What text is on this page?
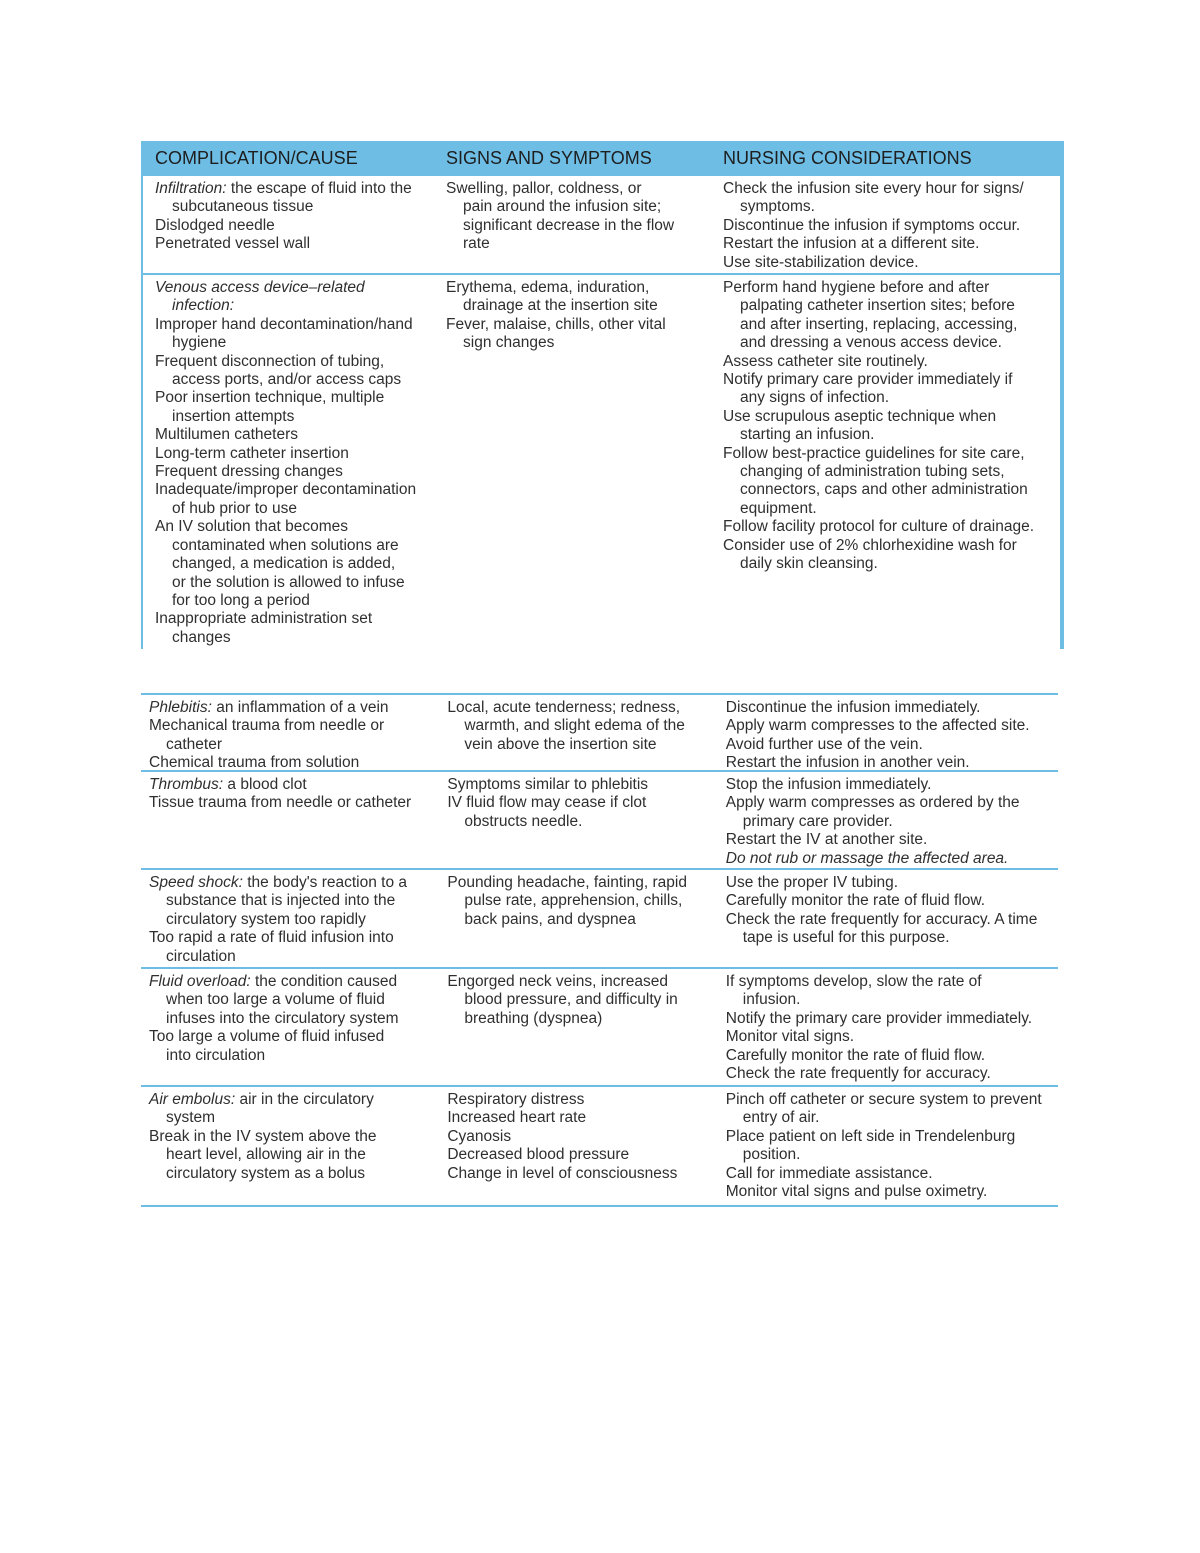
COMPLICATION/CAUSE	SIGNS AND SYMPTOMS	NURSING CONSIDERATIONS
Infiltration: the escape of fluid into the
subcutaneous tissue
Dislodged needle
Penetrated vessel wall
Swelling, pallor, coldness, or
pain around the infusion site;
significant decrease in the flow
rate
Check the infusion site every hour for signs/
symptoms.
Discontinue the infusion if symptoms occur.
Restart the infusion at a different site.
Use site-stabilization device.
Venous access device–related
infection:
Improper hand decontamination/hand
hygiene
Frequent disconnection of tubing,
access ports, and/or access caps
Poor insertion technique, multiple
insertion attempts
Multilumen catheters
Long-term catheter insertion
Frequent dressing changes
Inadequate/improper decontamination
of hub prior to use
An IV solution that becomes
contaminated when solutions are
changed, a medication is added,
or the solution is allowed to infuse
for too long a period
Inappropriate administration set
changes
Erythema, edema, induration,
drainage at the insertion site
Fever, malaise, chills, other vital
sign changes
Perform hand hygiene before and after
palpating catheter insertion sites; before
and after inserting, replacing, accessing,
and dressing a venous access device.
Assess catheter site routinely.
Notify primary care provider immediately if
any signs of infection.
Use scrupulous aseptic technique when
starting an infusion.
Follow best-practice guidelines for site care,
changing of administration tubing sets,
connectors, caps and other administration
equipment.
Follow facility protocol for culture of drainage.
Consider use of 2% chlorhexidine wash for
daily skin cleansing.
Phlebitis: an inflammation of a vein
Mechanical trauma from needle or
catheter
Chemical trauma from solution
Local, acute tenderness; redness,
warmth, and slight edema of the
vein above the insertion site
Discontinue the infusion immediately.
Apply warm compresses to the affected site.
Avoid further use of the vein.
Restart the infusion in another vein.
Thrombus: a blood clot
Tissue trauma from needle or catheter
Symptoms similar to phlebitis
IV fluid flow may cease if clot
obstructs needle.
Stop the infusion immediately.
Apply warm compresses as ordered by the
primary care provider.
Restart the IV at another site.
Do not rub or massage the affected area.
Speed shock: the body's reaction to a
substance that is injected into the
circulatory system too rapidly
Too rapid a rate of fluid infusion into
circulation
Pounding headache, fainting, rapid
pulse rate, apprehension, chills,
back pains, and dyspnea
Use the proper IV tubing.
Carefully monitor the rate of fluid flow.
Check the rate frequently for accuracy. A time
tape is useful for this purpose.
Fluid overload: the condition caused
when too large a volume of fluid
infuses into the circulatory system
Too large a volume of fluid infused
into circulation
Engorged neck veins, increased
blood pressure, and difficulty in
breathing (dyspnea)
If symptoms develop, slow the rate of
infusion.
Notify the primary care provider immediately.
Monitor vital signs.
Carefully monitor the rate of fluid flow.
Check the rate frequently for accuracy.
Air embolus: air in the circulatory
system
Break in the IV system above the
heart level, allowing air in the
circulatory system as a bolus
Respiratory distress
Increased heart rate
Cyanosis
Decreased blood pressure
Change in level of consciousness
Pinch off catheter or secure system to prevent
entry of air.
Place patient on left side in Trendelenburg
position.
Call for immediate assistance.
Monitor vital signs and pulse oximetry.
